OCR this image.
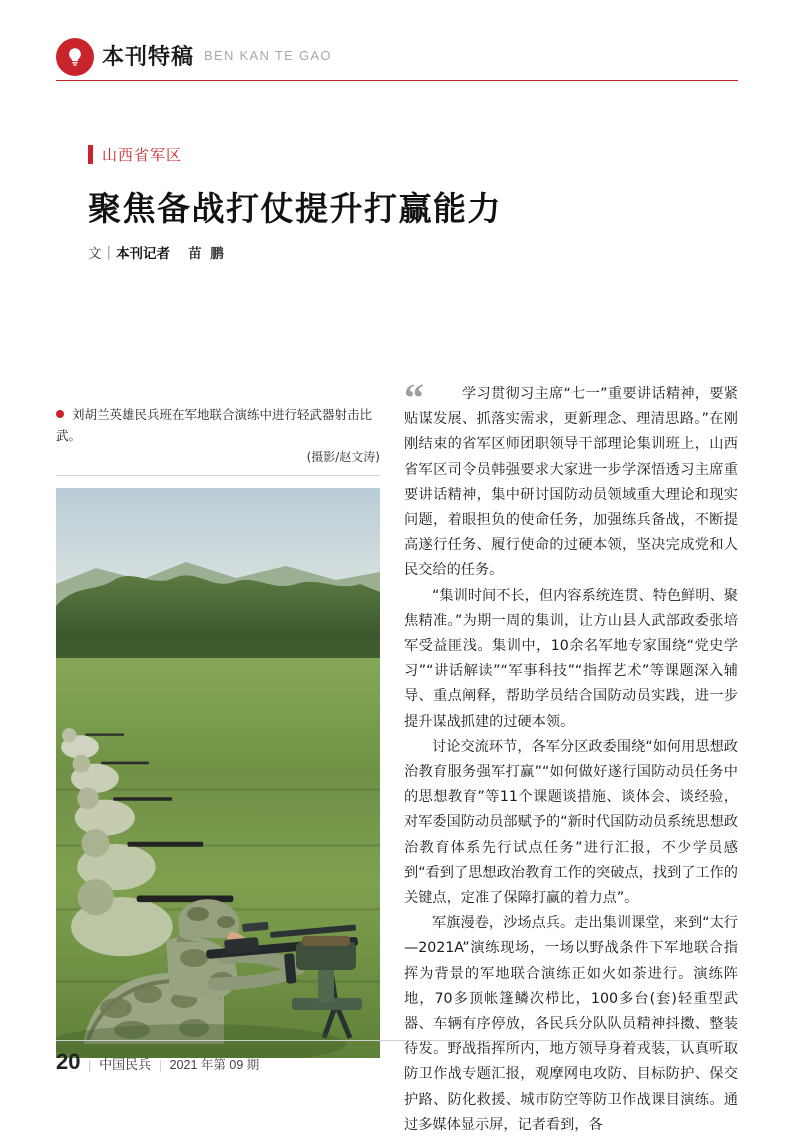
本刊特稿 BEN KAN TE GAO
山西省军区
聚焦备战打仗提升打赢能力
文 | 本刊记者 苗 鹏
刘胡兰英雄民兵班在军地联合演练中进行轻武器射击比武。
(摄影/赵文涛)
“	学习贯彻习主席“七一”重要讲话精神，要紧贴谋发展、抓落实需求，更新理念、理清思路。”在刚刚结束的省军区师团职领导干部理论集训班上，山西省军区司令员韩强要求大家进一步学深悟透习主席重要讲话精神，集中研讨国防动员领域重大理论和现实问题，着眼担负的使命任务，加强练兵备战，不断提高遂行任务、履行使命的过硬本领，坚决完成党和人民交给的任务。

“集训时间不长，但内容系统连贯、特色鲜明、聚焦精准。”为期一周的集训，让方山县人武部政委张培军受益匪浅。集训中，10余名军地专家围绕“党史学习”“讲话解读”“军事科技”“指挥艺术”等课题深入辅导、重点阐释，帮助学员结合国防动员实践，进一步提升谋战抓建的过硬本领。

讨论交流环节，各军分区政委围绕“如何用思想政治教育服务强军打赢”“如何做好遂行国防动员任务中的思想教育”等11个课题谈措施、谈体会、谈经验，对军委国防动员部赋予的“新时代国防动员系统思想政治教育体系先行试点任务”进行汇报，不少学员感到“看到了思想政治教育工作的突破点，找到了工作的关键点，定准了保障打赢的着力点”。

军旗漫卷，沙场点兵。走出集训课堂，来到“太行—2021A”演练现场，一场以野战条件下军地联合指挥为背景的军地联合演练正如火如荼进行。演练阵地，70多顶帐篷鳞次栉比，100多台(套)轻重型武器、车辆有序停放，各民兵分队队员精神抖擞、整装待发。野战指挥所内，地方领导身着戎装，认真听取防卫作战专题汇报，观摩网电攻防、目标防护、保交护路、防化救援、城市防空等防卫作战课目演练。通过多媒体显示屏，记者看到，各

20 | 中国民兵 | 2021 年第 09 期
